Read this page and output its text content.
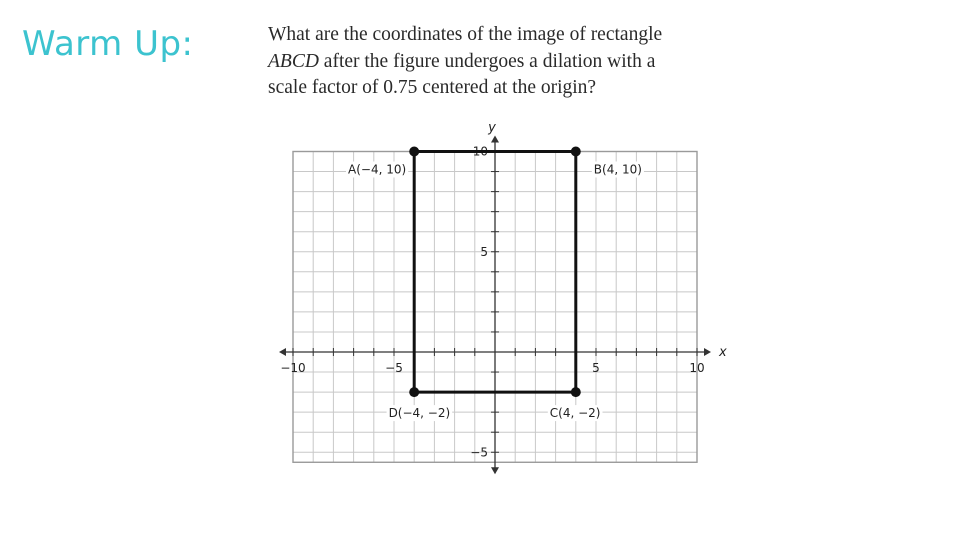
Warm Up:	What are the coordinates of the image of rectangle
ABCD after the figure undergoes a dilation with a
scale factor of 0.75 centered at the origin?
−10	−5	5	10
10
5
−5
x
y
A(−4, 10)	B(4, 10)
C(4, −2)
D(−4, −2)
